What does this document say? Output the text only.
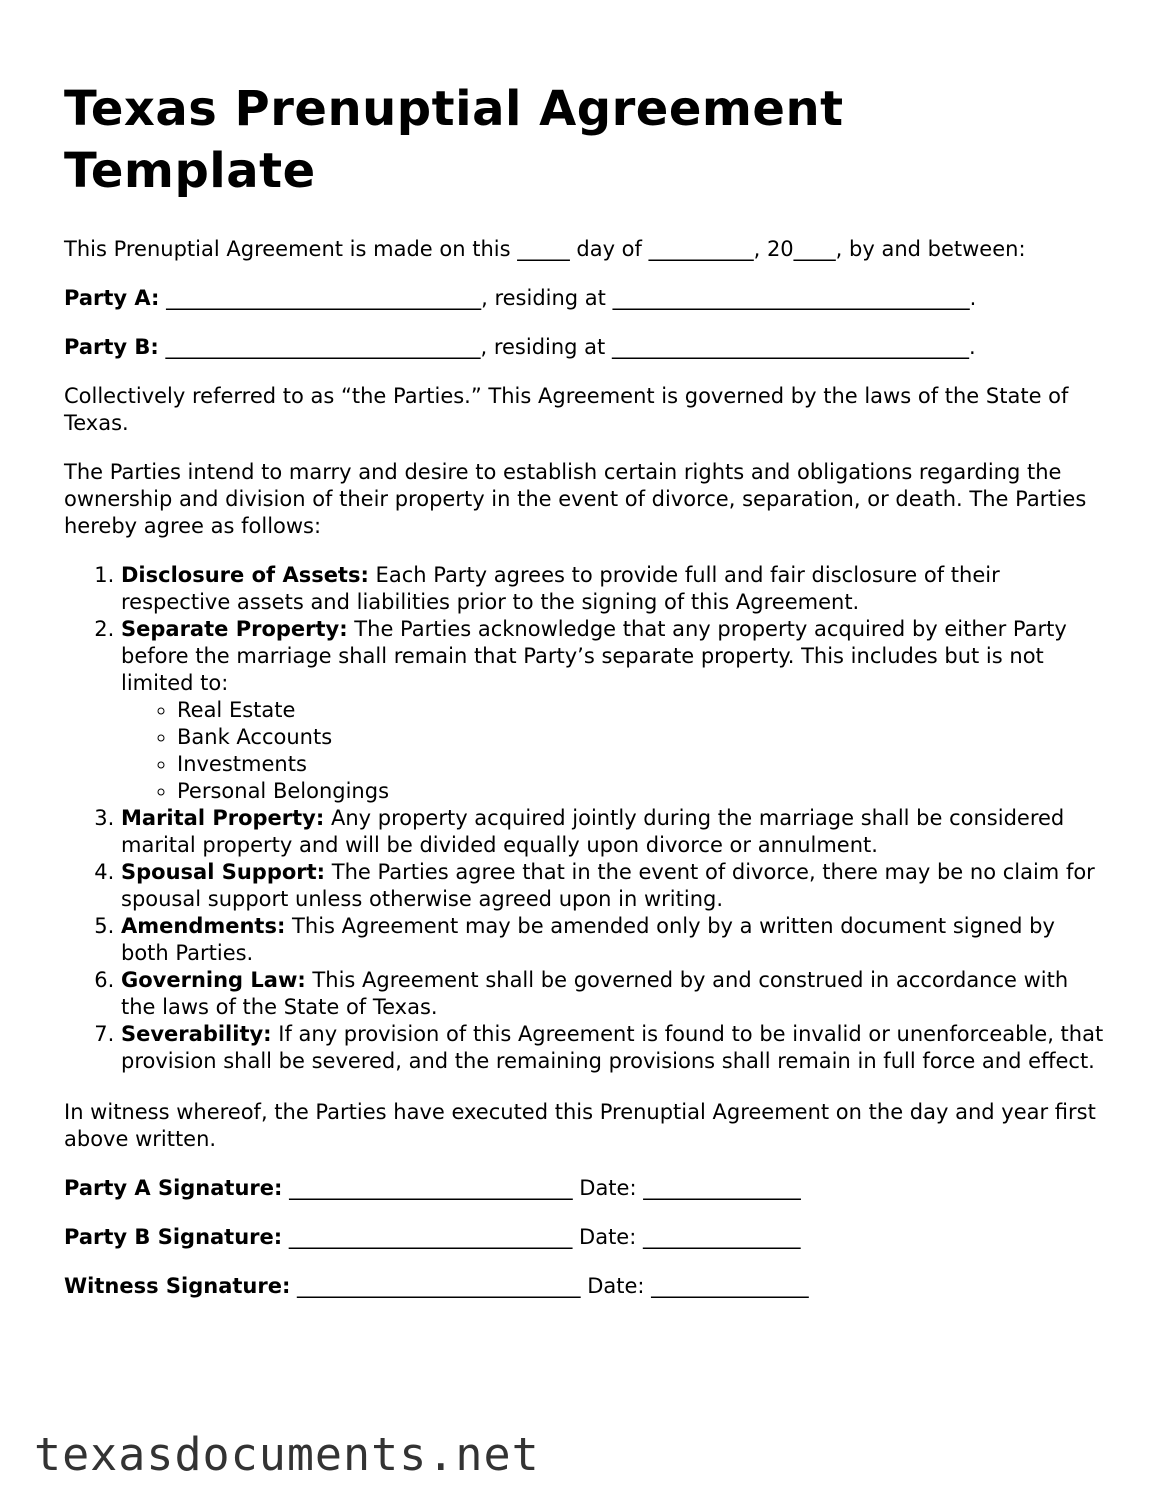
Texas Prenuptial Agreement Template

This Prenuptial Agreement is made on this _____ day of __________, 20____, by and between:

Party A: ______________________________, residing at __________________________________.

Party B: ______________________________, residing at __________________________________.

Collectively referred to as “the Parties.” This Agreement is governed by the laws of the State of Texas.

The Parties intend to marry and desire to establish certain rights and obligations regarding the ownership and division of their property in the event of divorce, separation, or death. The Parties hereby agree as follows:

1. Disclosure of Assets: Each Party agrees to provide full and fair disclosure of their respective assets and liabilities prior to the signing of this Agreement.
2. Separate Property: The Parties acknowledge that any property acquired by either Party before the marriage shall remain that Party’s separate property. This includes but is not limited to:
◦ Real Estate
◦ Bank Accounts
◦ Investments
◦ Personal Belongings
3. Marital Property: Any property acquired jointly during the marriage shall be considered marital property and will be divided equally upon divorce or annulment.
4. Spousal Support: The Parties agree that in the event of divorce, there may be no claim for spousal support unless otherwise agreed upon in writing.
5. Amendments: This Agreement may be amended only by a written document signed by both Parties.
6. Governing Law: This Agreement shall be governed by and construed in accordance with the laws of the State of Texas.
7. Severability: If any provision of this Agreement is found to be invalid or unenforceable, that provision shall be severed, and the remaining provisions shall remain in full force and effect.

In witness whereof, the Parties have executed this Prenuptial Agreement on the day and year first above written.

Party A Signature: ___________________________ Date: _______________

Party B Signature: ___________________________ Date: _______________

Witness Signature: ___________________________ Date: _______________

texasdocuments.net
